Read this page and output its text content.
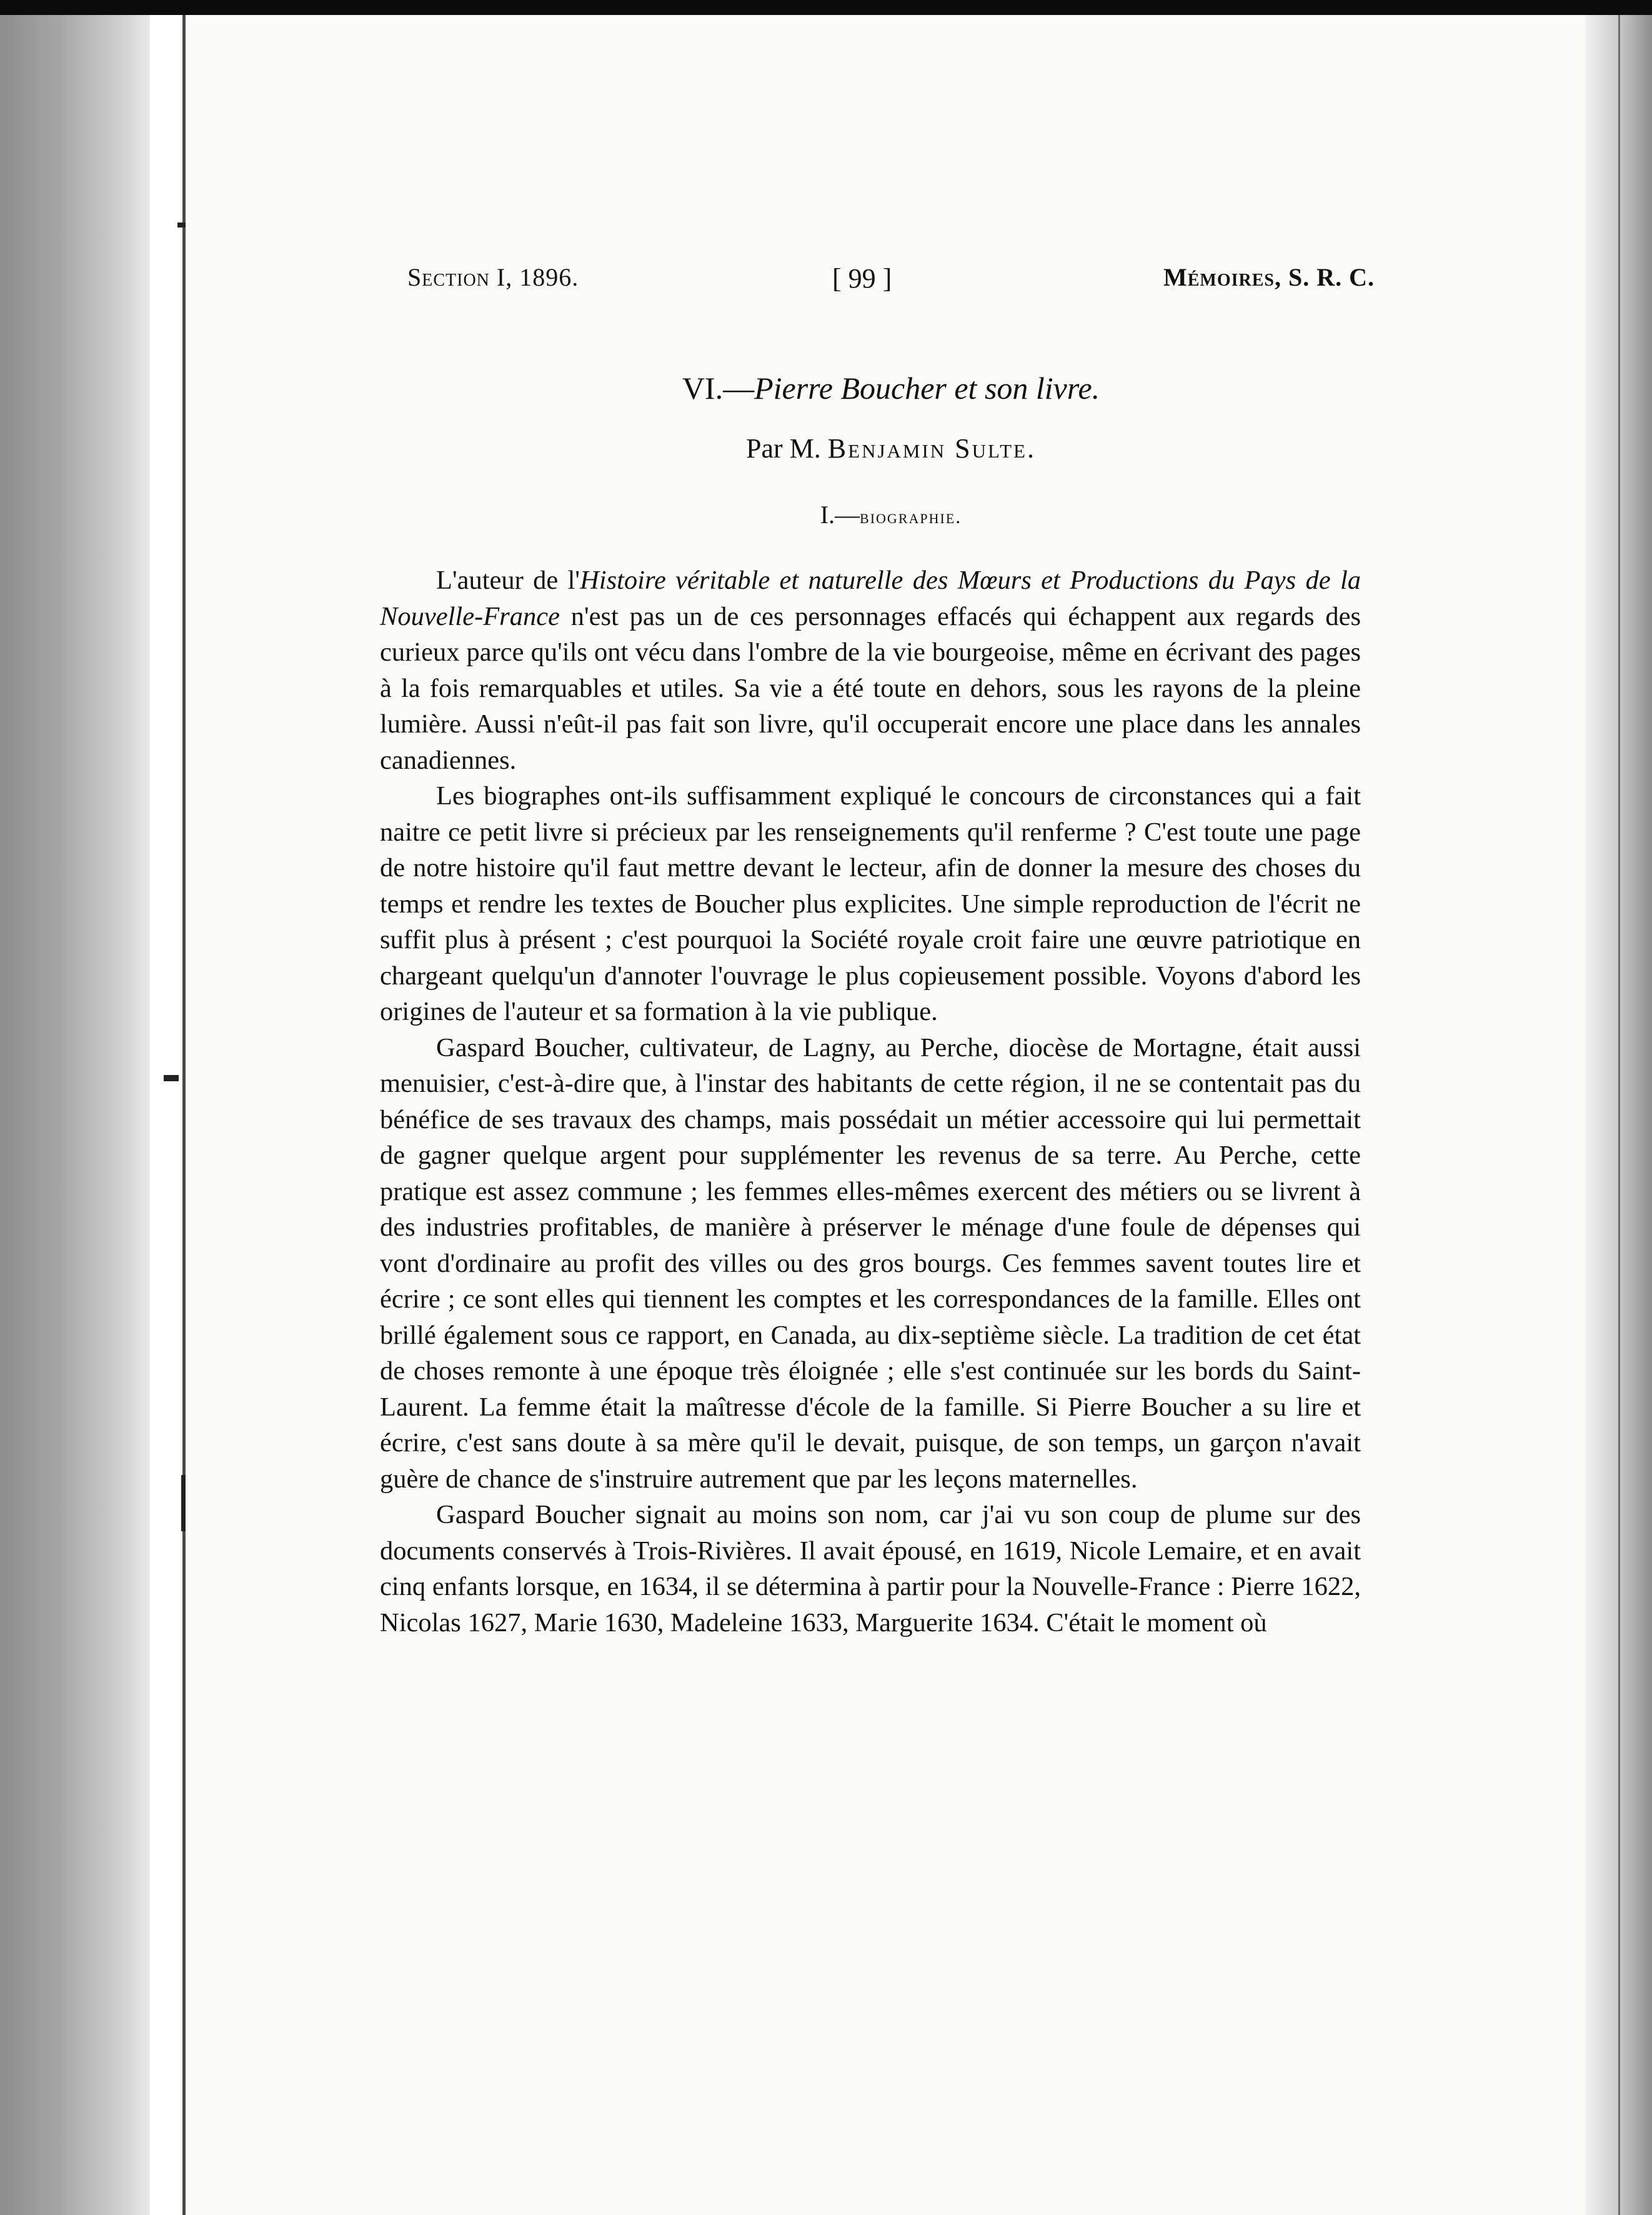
Section I, 1896.	[ 99 ]	Mémoires, S. R. C.
VI.—Pierre Boucher et son livre.
Par M. Benjamin Sulte.
I.—biographie.

L'auteur de l'Histoire véritable et naturelle des Mœurs et Productions du Pays de la Nouvelle-France n'est pas un de ces personnages effacés qui échappent aux regards des curieux parce qu'ils ont vécu dans l'ombre de la vie bourgeoise, même en écrivant des pages à la fois remarquables et utiles. Sa vie a été toute en dehors, sous les rayons de la pleine lumière. Aussi n'eût-il pas fait son livre, qu'il occuperait encore une place dans les annales canadiennes.

Les biographes ont-ils suffisamment expliqué le concours de circonstances qui a fait naitre ce petit livre si précieux par les renseignements qu'il renferme ? C'est toute une page de notre histoire qu'il faut mettre devant le lecteur, afin de donner la mesure des choses du temps et rendre les textes de Boucher plus explicites. Une simple reproduction de l'écrit ne suffit plus à présent ; c'est pourquoi la Société royale croit faire une œuvre patriotique en chargeant quelqu'un d'annoter l'ouvrage le plus copieusement possible. Voyons d'abord les origines de l'auteur et sa formation à la vie publique.

Gaspard Boucher, cultivateur, de Lagny, au Perche, diocèse de Mortagne, était aussi menuisier, c'est-à-dire que, à l'instar des habitants de cette région, il ne se contentait pas du bénéfice de ses travaux des champs, mais possédait un métier accessoire qui lui permettait de gagner quelque argent pour supplémenter les revenus de sa terre. Au Perche, cette pratique est assez commune ; les femmes elles-mêmes exercent des métiers ou se livrent à des industries profitables, de manière à préserver le ménage d'une foule de dépenses qui vont d'ordinaire au profit des villes ou des gros bourgs. Ces femmes savent toutes lire et écrire ; ce sont elles qui tiennent les comptes et les correspondances de la famille. Elles ont brillé également sous ce rapport, en Canada, au dix-septième siècle. La tradition de cet état de choses remonte à une époque très éloignée ; elle s'est continuée sur les bords du Saint-Laurent. La femme était la maîtresse d'école de la famille. Si Pierre Boucher a su lire et écrire, c'est sans doute à sa mère qu'il le devait, puisque, de son temps, un garçon n'avait guère de chance de s'instruire autrement que par les leçons maternelles.

Gaspard Boucher signait au moins son nom, car j'ai vu son coup de plume sur des documents conservés à Trois-Rivières. Il avait épousé, en 1619, Nicole Lemaire, et en avait cinq enfants lorsque, en 1634, il se détermina à partir pour la Nouvelle-France : Pierre 1622, Nicolas 1627, Marie 1630, Madeleine 1633, Marguerite 1634. C'était le moment où
